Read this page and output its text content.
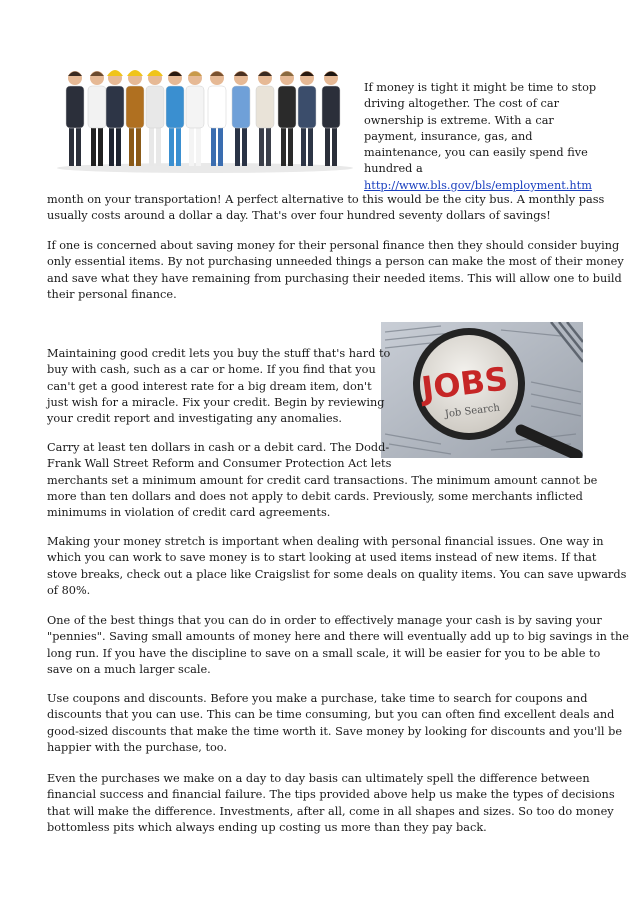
If money is tight it might be time to stop
driving altogether. The cost of car
ownership is extreme. With a car
payment, insurance, gas, and
maintenance, you can easily spend five
hundred a
http://www.bls.gov/bls/employment.htm
month on your transportation! A perfect alternative to this would be the city bus. A monthly pass
usually costs around a dollar a day. That's over four hundred seventy dollars of savings!
If one is concerned about saving money for their personal finance then they should consider buying
only essential items. By not purchasing unneeded things a person can make the most of their money
and save what they have remaining from purchasing their needed items. This will allow one to build
their personal finance.
JOBS
Job Search
Maintaining good credit lets you buy the stuff that's hard to
buy with cash, such as a car or home. If you find that you
can't get a good interest rate for a big dream item, don't
just wish for a miracle. Fix your credit. Begin by reviewing
your credit report and investigating any anomalies.
Carry at least ten dollars in cash or a debit card. The Dodd-
Frank Wall Street Reform and Consumer Protection Act lets
merchants set a minimum amount for credit card transactions. The minimum amount cannot be
more than ten dollars and does not apply to debit cards. Previously, some merchants inflicted
minimums in violation of credit card agreements.
Making your money stretch is important when dealing with personal financial issues. One way in
which you can work to save money is to start looking at used items instead of new items. If that
stove breaks, check out a place like Craigslist for some deals on quality items. You can save upwards
of 80%.
One of the best things that you can do in order to effectively manage your cash is by saving your
"pennies". Saving small amounts of money here and there will eventually add up to big savings in the
long run. If you have the discipline to save on a small scale, it will be easier for you to be able to
save on a much larger scale.
Use coupons and discounts. Before you make a purchase, take time to search for coupons and
discounts that you can use. This can be time consuming, but you can often find excellent deals and
good-sized discounts that make the time worth it. Save money by looking for discounts and you'll be
happier with the purchase, too.
Even the purchases we make on a day to day basis can ultimately spell the difference between
financial success and financial failure. The tips provided above help us make the types of decisions
that will make the difference. Investments, after all, come in all shapes and sizes. So too do money
bottomless pits which always ending up costing us more than they pay back.
